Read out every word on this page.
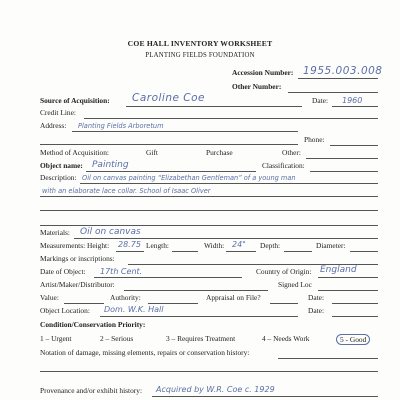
COE HALL INVENTORY WORKSHEET
PLANTING FIELDS FOUNDATION
Accession Number: 1955.003.008
Other Number:
Source of Acquisition: Caroline Coe	Date: 1960
Credit Line:
Address: Planting Fields Arboretum
Phone:
Method of Acquisition:	Gift	Purchase	Other:
Object name: Painting	Classification:
Description: Oil on canvas painting “Elizabethan Gentleman” of a young man
with an elaborate lace collar. School of Isaac Oliver
Materials: Oil on canvas
Measurements: Height: 28.75 Length:	Width: 24" Depth:	Diameter:
Markings or inscriptions:
Date of Object: 17th Cent.	Country of Origin: England
Artist/Maker/Distributor:	Signed Loc
Value:	Authority:	Appraisal on File?	Date:
Object Location: Dom. W.K. Hall	Date:
Condition/Conservation Priority:
1 – Urgent	2 – Serious	3 – Requires Treatment	4 – Needs Work	5 - Good
Notation of damage, missing elements, repairs or conservation history:
Provenance and/or exhibit history: Acquired by W.R. Coe c. 1929
